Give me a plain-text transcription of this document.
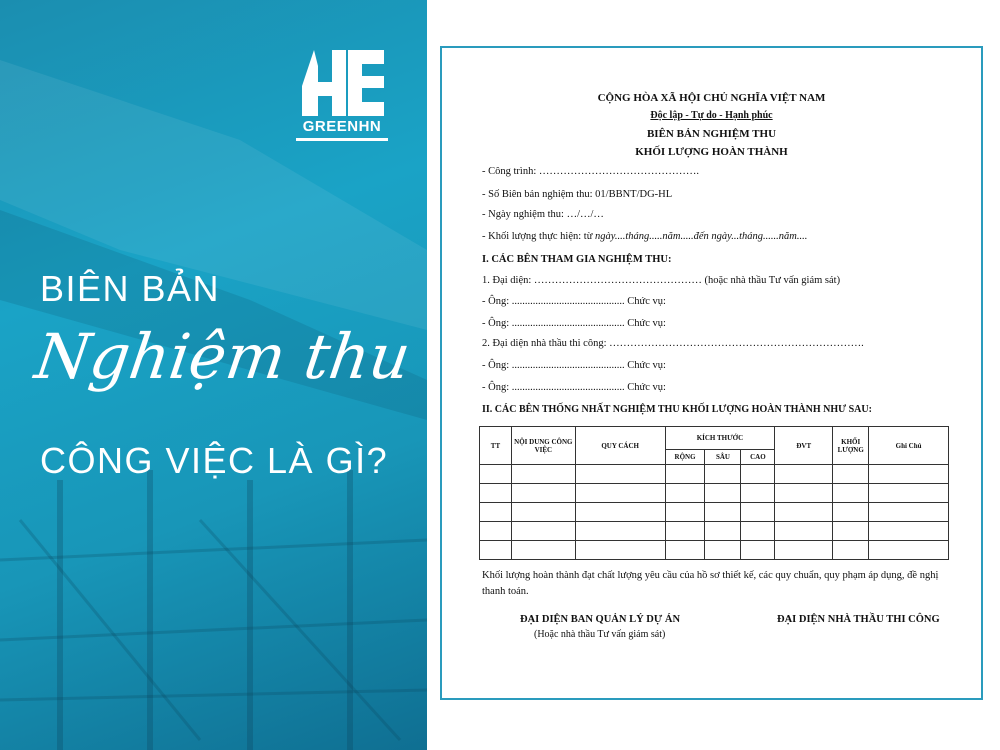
GREENHN
BIÊN BẢN
Nghiệm thu
CÔNG VIỆC LÀ GÌ?
CỘNG HÒA XÃ HỘI CHỦ NGHĨA VIỆT NAM
Độc lập - Tự do - Hạnh phúc
BIÊN BẢN NGHIỆM THU
KHỐI LƯỢNG HOÀN THÀNH
- Công trình: ……………………………………….
- Số Biên bản nghiệm thu: 01/BBNT/DG-HL
- Ngày nghiệm thu: …/…/…
- Khối lượng thực hiện: từ ngày....tháng.....năm.....đến ngày...tháng......năm....
I. CÁC BÊN THAM GIA NGHIỆM THU:
1. Đại diện: ………………………………………… (hoặc nhà thầu Tư vấn giám sát)
- Ông: ........................................... Chức vụ:
- Ông: ........................................... Chức vụ:
2. Đại diện nhà thầu thi công: ……………………………………………………………….
- Ông: ........................................... Chức vụ:
- Ông: ........................................... Chức vụ:
II. CÁC BÊN THỐNG NHẤT NGHIỆM THU KHỐI LƯỢNG HOÀN THÀNH NHƯ SAU:
TT	NỘI DUNG CÔNG VIỆC	QUY CÁCH	KÍCH THƯỚC			ĐVT	KHỐI LƯỢNG	Ghi Chú
			RỘNG	SÂU	CAO			

Khối lượng hoàn thành đạt chất lượng yêu cầu của hồ sơ thiết kế, các quy chuẩn, quy phạm áp dụng, đề nghị thanh toán.
ĐẠI DIỆN BAN QUẢN LÝ DỰ ÁN
(Hoặc nhà thầu Tư vấn giám sát)
ĐẠI DIỆN NHÀ THẦU THI CÔNG
